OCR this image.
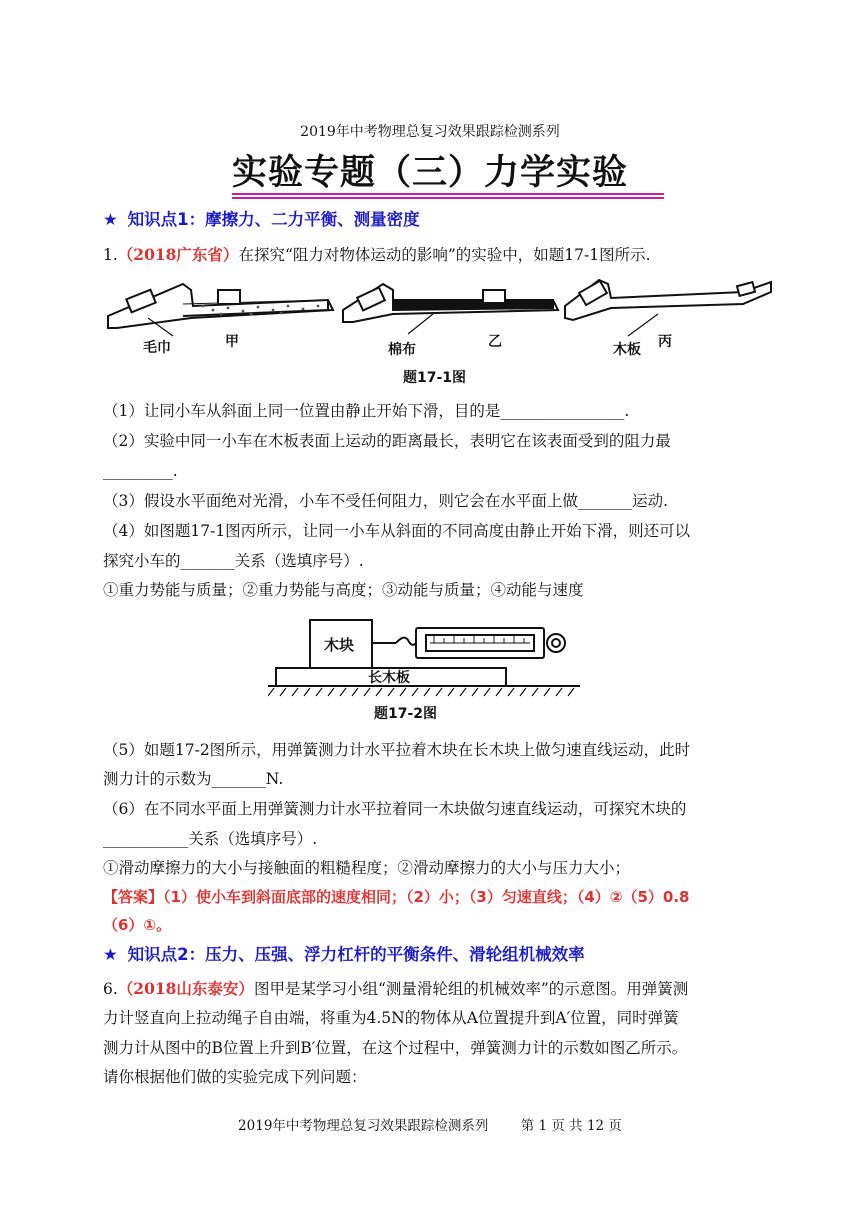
2019年中考物理总复习效果跟踪检测系列
实验专题（三）力学实验
★ 知识点1：摩擦力、二力平衡、测量密度
1.（2018广东省）在探究“阻力对物体运动的影响”的实验中，如题17-1图所示.
毛巾	甲	棉布	乙	木板 丙
题17-1图
（1）让同小车从斜面上同一位置由静止开始下滑，目的是________________.
（2）实验中同一小车在木板表面上运动的距离最长，表明它在该表面受到的阻力最
_________.
（3）假设水平面绝对光滑，小车不受任何阻力，则它会在水平面上做_______运动.
（4）如图题17-1图丙所示，让同一小车从斜面的不同高度由静止开始下滑，则还可以
探究小车的_______关系（选填序号）.
①重力势能与质量；②重力势能与高度；③动能与质量；④动能与速度
木块
长木板
题17-2图
（5）如题17-2图所示，用弹簧测力计水平拉着木块在长木块上做匀速直线运动，此时
测力计的示数为_______N.
（6）在不同水平面上用弹簧测力计水平拉着同一木块做匀速直线运动，可探究木块的
___________关系（选填序号）.
①滑动摩擦力的大小与接触面的粗糙程度；②滑动摩擦力的大小与压力大小；
【答案】（1）使小车到斜面底部的速度相同；（2）小；（3）匀速直线；（4）②（5）0.8
（6）①。
★ 知识点2：压力、压强、浮力杠杆的平衡条件、滑轮组机械效率
6.（2018山东泰安）图甲是某学习小组“测量滑轮组的机械效率”的示意图。用弹簧测
力计竖直向上拉动绳子自由端，将重为4.5N的物体从A位置提升到A′位置，同时弹簧
测力计从图中的B位置上升到B′位置，在这个过程中，弹簧测力计的示数如图乙所示。
请你根据他们做的实验完成下列问题：
2019年中考物理总复习效果跟踪检测系列 第 1 页 共 12 页
